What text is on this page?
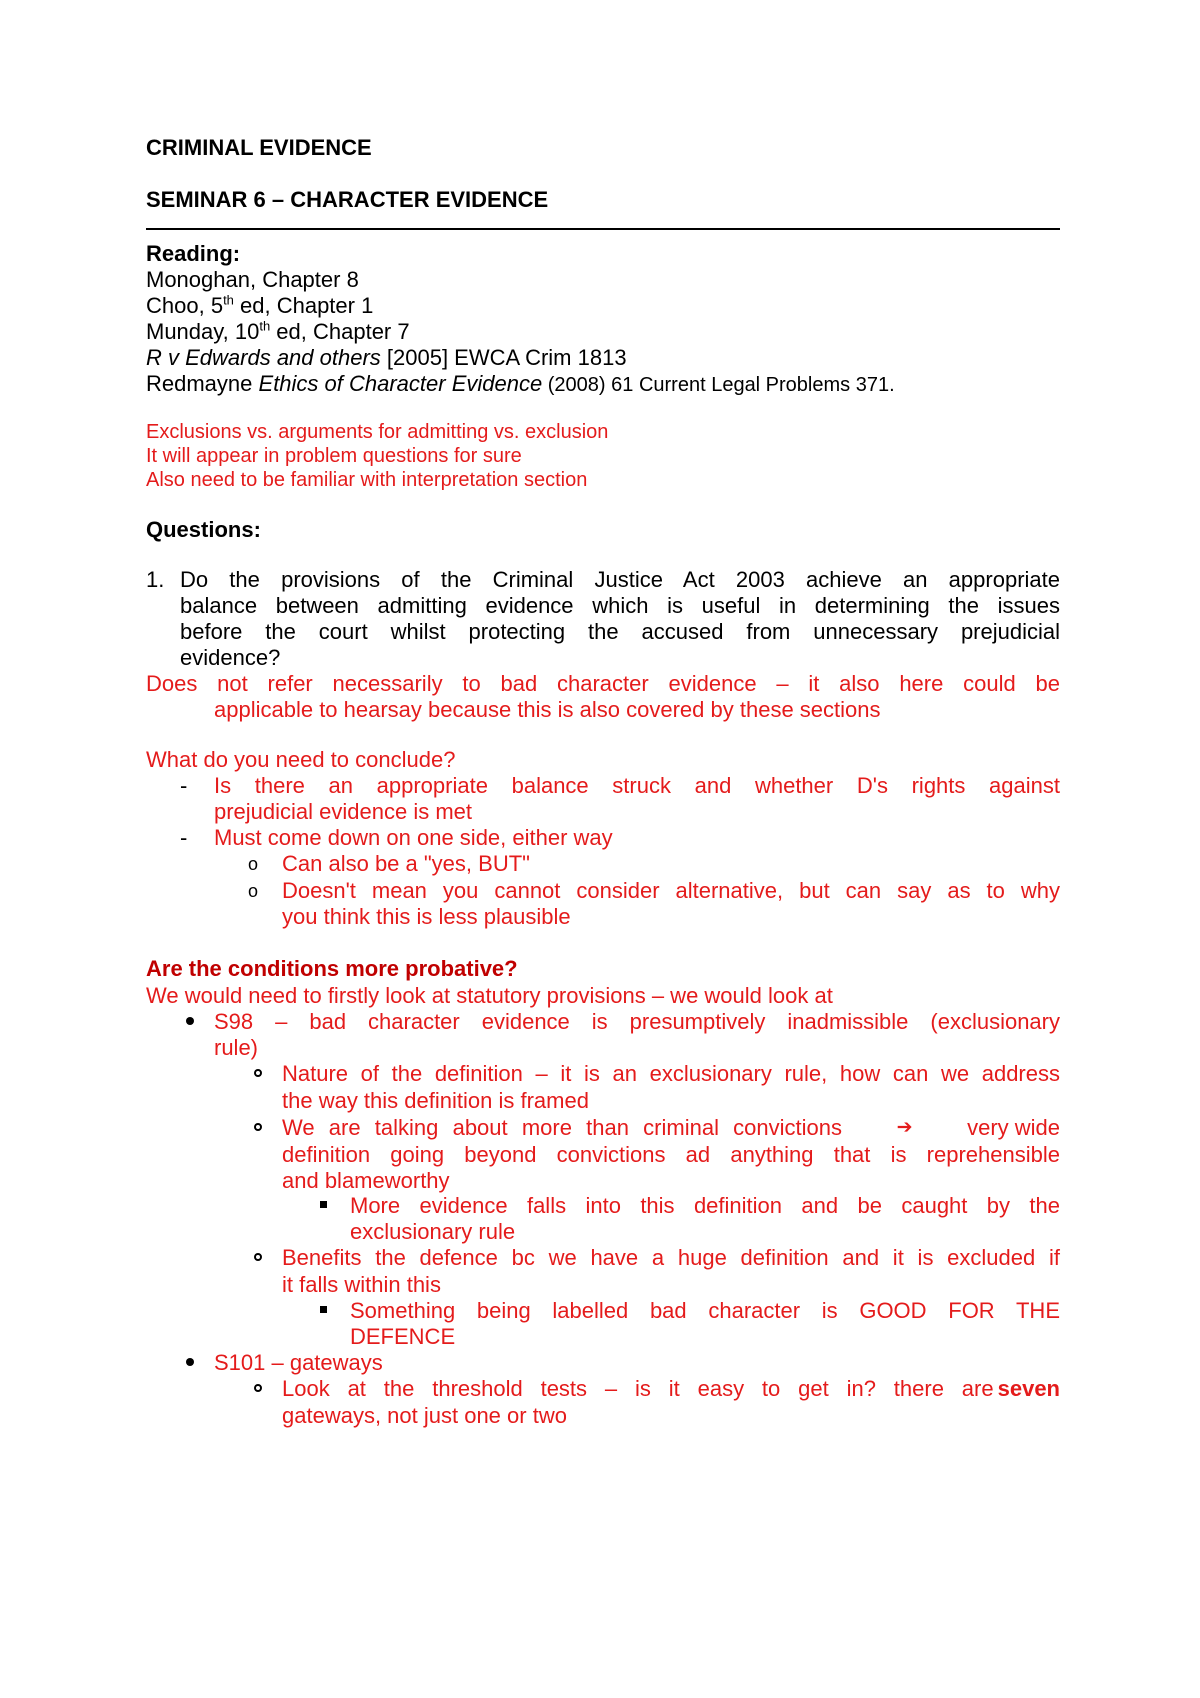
CRIMINAL EVIDENCE
SEMINAR 6 – CHARACTER EVIDENCE
Reading:
Monoghan, Chapter 8
Choo, 5th ed, Chapter 1
Munday, 10th ed, Chapter 7
R v Edwards and others [2005] EWCA Crim 1813
Redmayne Ethics of Character Evidence (2008) 61 Current Legal Problems 371.
Exclusions vs. arguments for admitting vs. exclusion
It will appear in problem questions for sure
Also need to be familiar with interpretation section
Questions:
1. Do the provisions of the Criminal Justice Act 2003 achieve an appropriate
balance between admitting evidence which is useful in determining the issues
before the court whilst protecting the accused from unnecessary prejudicial
evidence?
Does not refer necessarily to bad character evidence – it also here could be
applicable to hearsay because this is also covered by these sections
What do you need to conclude?
- Is there an appropriate balance struck and whether D's rights against
prejudicial evidence is met
- Must come down on one side, either way
o Can also be a "yes, BUT"
o Doesn't mean you cannot consider alternative, but can say as to why
you think this is less plausible
Are the conditions more probative?
We would need to firstly look at statutory provisions – we would look at
S98 – bad character evidence is presumptively inadmissible (exclusionary
rule)
Nature of the definition – it is an exclusionary rule, how can we address
the way this definition is framed
We are talking about more than criminal convictions	➔ very wide
definition going beyond convictions ad anything that is reprehensible
and blameworthy
More evidence falls into this definition and be caught by the
exclusionary rule
Benefits the defence bc we have a huge definition and it is excluded if
it falls within this
Something being labelled bad character is GOOD FOR THE
DEFENCE
S101 – gateways
Look at the threshold tests – is it easy to get in? there are seven
gateways, not just one or two
